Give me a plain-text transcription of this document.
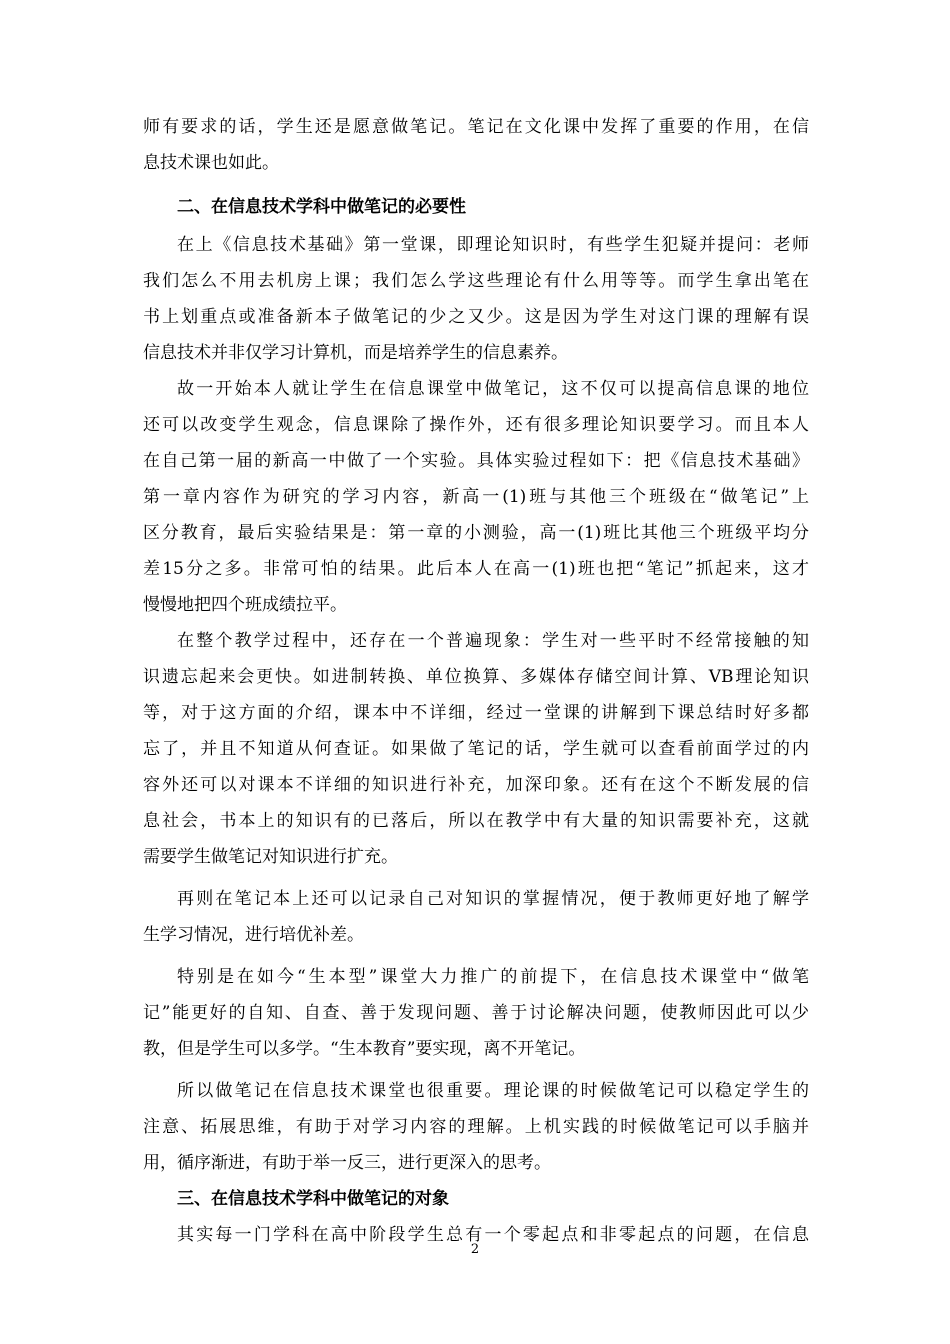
师有要求的话，学生还是愿意做笔记。笔记在文化课中发挥了重要的作用，在信
息技术课也如此。
二、在信息技术学科中做笔记的必要性
在上《信息技术基础》第一堂课，即理论知识时，有些学生犯疑并提问：老师
我们怎么不用去机房上课；我们怎么学这些理论有什么用等等。而学生拿出笔在
书上划重点或准备新本子做笔记的少之又少。这是因为学生对这门课的理解有误
信息技术并非仅学习计算机，而是培养学生的信息素养。
故一开始本人就让学生在信息课堂中做笔记，这不仅可以提高信息课的地位
还可以改变学生观念，信息课除了操作外，还有很多理论知识要学习。而且本人
在自己第一届的新高一中做了一个实验。具体实验过程如下：把《信息技术基础》
第一章内容作为研究的学习内容，新高一(1)班与其他三个班级在“做笔记”上
区分教育，最后实验结果是：第一章的小测验，高一(1)班比其他三个班级平均分
差15分之多。非常可怕的结果。此后本人在高一(1)班也把“笔记”抓起来，这才
慢慢地把四个班成绩拉平。
在整个教学过程中，还存在一个普遍现象：学生对一些平时不经常接触的知
识遗忘起来会更快。如进制转换、单位换算、多媒体存储空间计算、VB理论知识
等，对于这方面的介绍，课本中不详细，经过一堂课的讲解到下课总结时好多都
忘了，并且不知道从何查证。如果做了笔记的话，学生就可以查看前面学过的内
容外还可以对课本不详细的知识进行补充，加深印象。还有在这个不断发展的信
息社会，书本上的知识有的已落后，所以在教学中有大量的知识需要补充，这就
需要学生做笔记对知识进行扩充。
再则在笔记本上还可以记录自己对知识的掌握情况，便于教师更好地了解学
生学习情况，进行培优补差。
特别是在如今“生本型”课堂大力推广的前提下，在信息技术课堂中“做笔
记”能更好的自知、自查、善于发现问题、善于讨论解决问题，使教师因此可以少
教，但是学生可以多学。“生本教育”要实现，离不开笔记。
所以做笔记在信息技术课堂也很重要。理论课的时候做笔记可以稳定学生的
注意、拓展思维，有助于对学习内容的理解。上机实践的时候做笔记可以手脑并
用，循序渐进，有助于举一反三，进行更深入的思考。
三、在信息技术学科中做笔记的对象
其实每一门学科在高中阶段学生总有一个零起点和非零起点的问题，在信息
2
